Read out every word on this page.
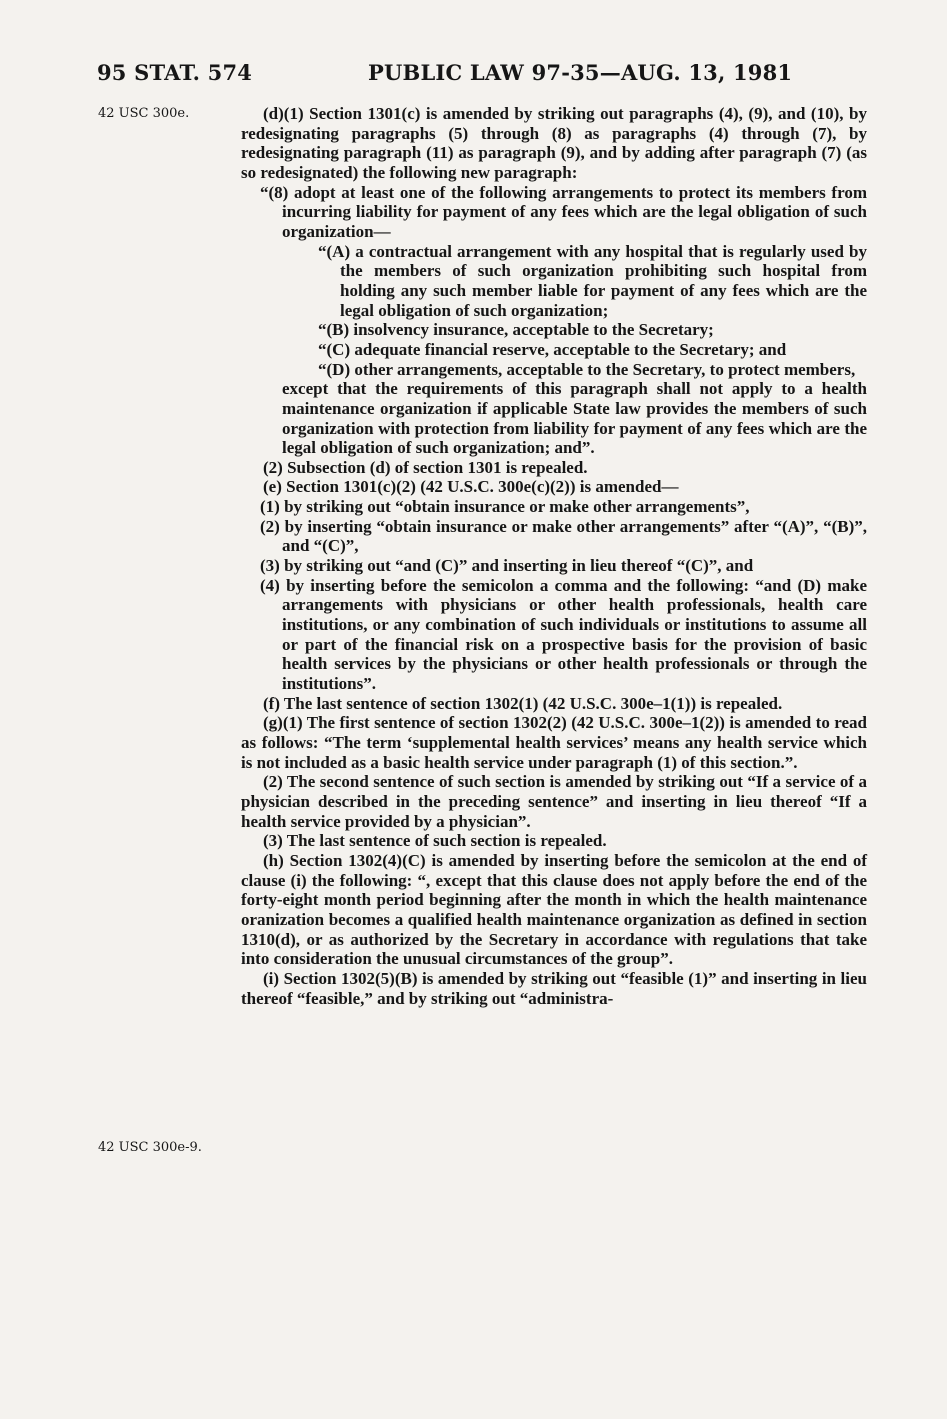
95 STAT. 574	PUBLIC LAW 97-35—AUG. 13, 1981
42 USC 300e.
42 USC 300e-9.

(d)(1) Section 1301(c) is amended by striking out paragraphs (4), (9), and (10), by redesignating paragraphs (5) through (8) as paragraphs (4) through (7), by redesignating paragraph (11) as paragraph (9), and by adding after paragraph (7) (as so redesignated) the following new paragraph:

“(8) adopt at least one of the following arrangements to protect its members from incurring liability for payment of any fees which are the legal obligation of such organization—

“(A) a contractual arrangement with any hospital that is regularly used by the members of such organization prohibiting such hospital from holding any such member liable for payment of any fees which are the legal obligation of such organization;

“(B) insolvency insurance, acceptable to the Secretary;

“(C) adequate financial reserve, acceptable to the Secretary; and

“(D) other arrangements, acceptable to the Secretary, to protect members,

except that the requirements of this paragraph shall not apply to a health maintenance organization if applicable State law provides the members of such organization with protection from liability for payment of any fees which are the legal obligation of such organization; and”.

(2) Subsection (d) of section 1301 is repealed.

(e) Section 1301(c)(2) (42 U.S.C. 300e(c)(2)) is amended—

(1) by striking out “obtain insurance or make other arrangements”,

(2) by inserting “obtain insurance or make other arrangements” after “(A)”, “(B)”, and “(C)”,

(3) by striking out “and (C)” and inserting in lieu thereof “(C)”, and

(4) by inserting before the semicolon a comma and the following: “and (D) make arrangements with physicians or other health professionals, health care institutions, or any combination of such individuals or institutions to assume all or part of the financial risk on a prospective basis for the provision of basic health services by the physicians or other health professionals or through the institutions”.

(f) The last sentence of section 1302(1) (42 U.S.C. 300e–1(1)) is repealed.

(g)(1) The first sentence of section 1302(2) (42 U.S.C. 300e–1(2)) is amended to read as follows: “The term ‘supplemental health services’ means any health service which is not included as a basic health service under paragraph (1) of this section.”.

(2) The second sentence of such section is amended by striking out “If a service of a physician described in the preceding sentence” and inserting in lieu thereof “If a health service provided by a physician”.

(3) The last sentence of such section is repealed.

(h) Section 1302(4)(C) is amended by inserting before the semicolon at the end of clause (i) the following: “, except that this clause does not apply before the end of the forty-eight month period beginning after the month in which the health maintenance oranization becomes a qualified health maintenance organization as defined in section 1310(d), or as authorized by the Secretary in accordance with regulations that take into consideration the unusual circumstances of the group”.

(i) Section 1302(5)(B) is amended by striking out “feasible (1)” and inserting in lieu thereof “feasible,” and by striking out “administra-
